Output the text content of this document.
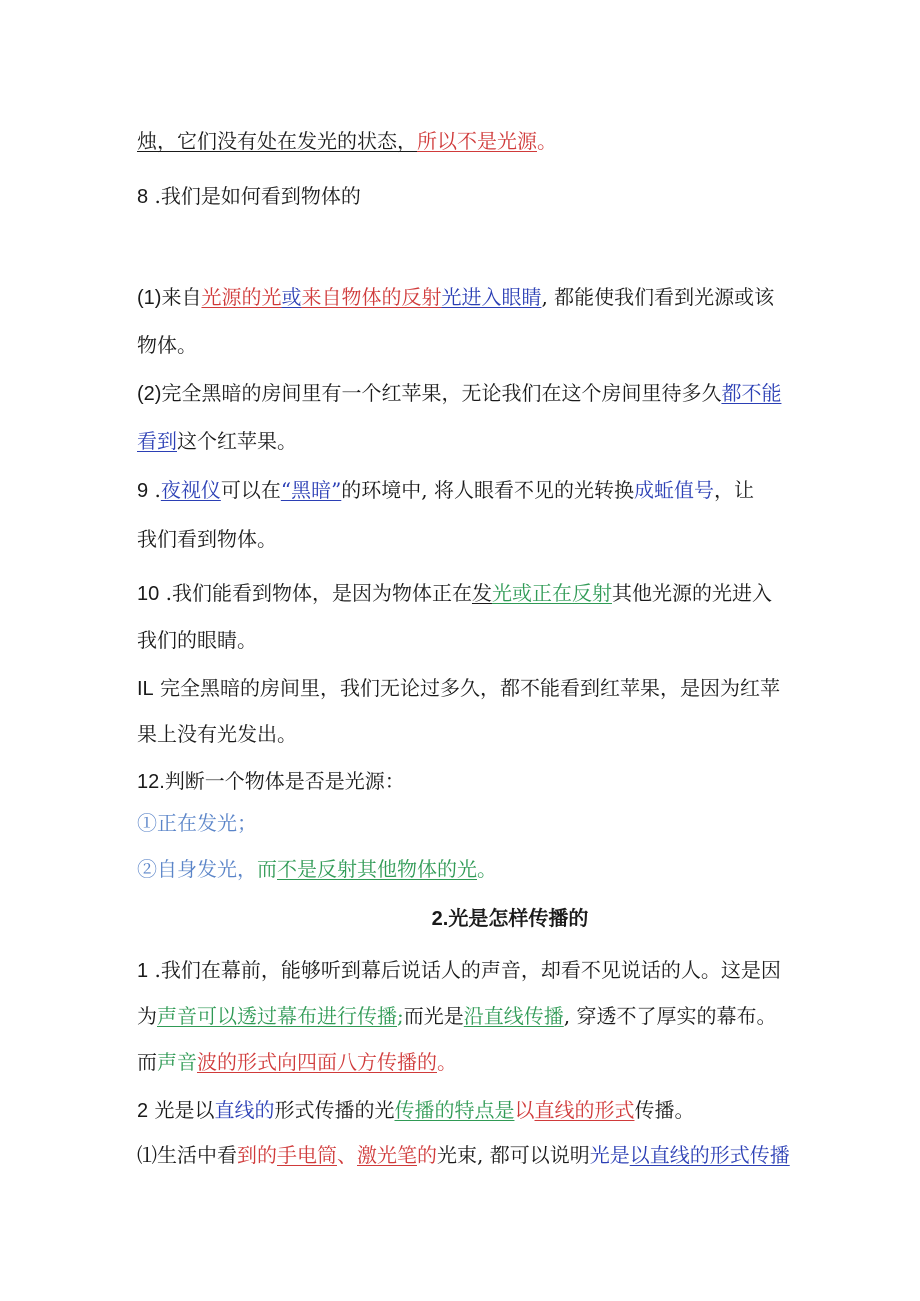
烛，它们没有处在发光的状态，所以不是光源。
8 .我们是如何看到物体的
(1)来自光源的光或来自物体的反射光进入眼睛, 都能使我们看到光源或该
物体。
(2)完全黑暗的房间里有一个红苹果，无论我们在这个房间里待多久都不能
看到这个红苹果。
9 .夜视仪可以在“黑暗”的环境中, 将人眼看不见的光转换成蚯值号，让
我们看到物体。
10 .我们能看到物体，是因为物体正在发光或正在反射其他光源的光进入
我们的眼睛。
IL 完全黑暗的房间里，我们无论过多久，都不能看到红苹果，是因为红苹
果上没有光发出。
12.判断一个物体是否是光源：
①正在发光；
②自身发光，而不是反射其他物体的光。
2.光是怎样传播的
1 .我们在幕前，能够听到幕后说话人的声音，却看不见说话的人。这是因
为声音可以透过幕布进行传播;而光是沿直线传播, 穿透不了厚实的幕布。
而声音波的形式向四面八方传播的。
2 光是以直线的形式传播的光传播的特点是以直线的形式传播。
⑴生活中看到的手电筒、激光笔的光束, 都可以说明光是以直线的形式传播
